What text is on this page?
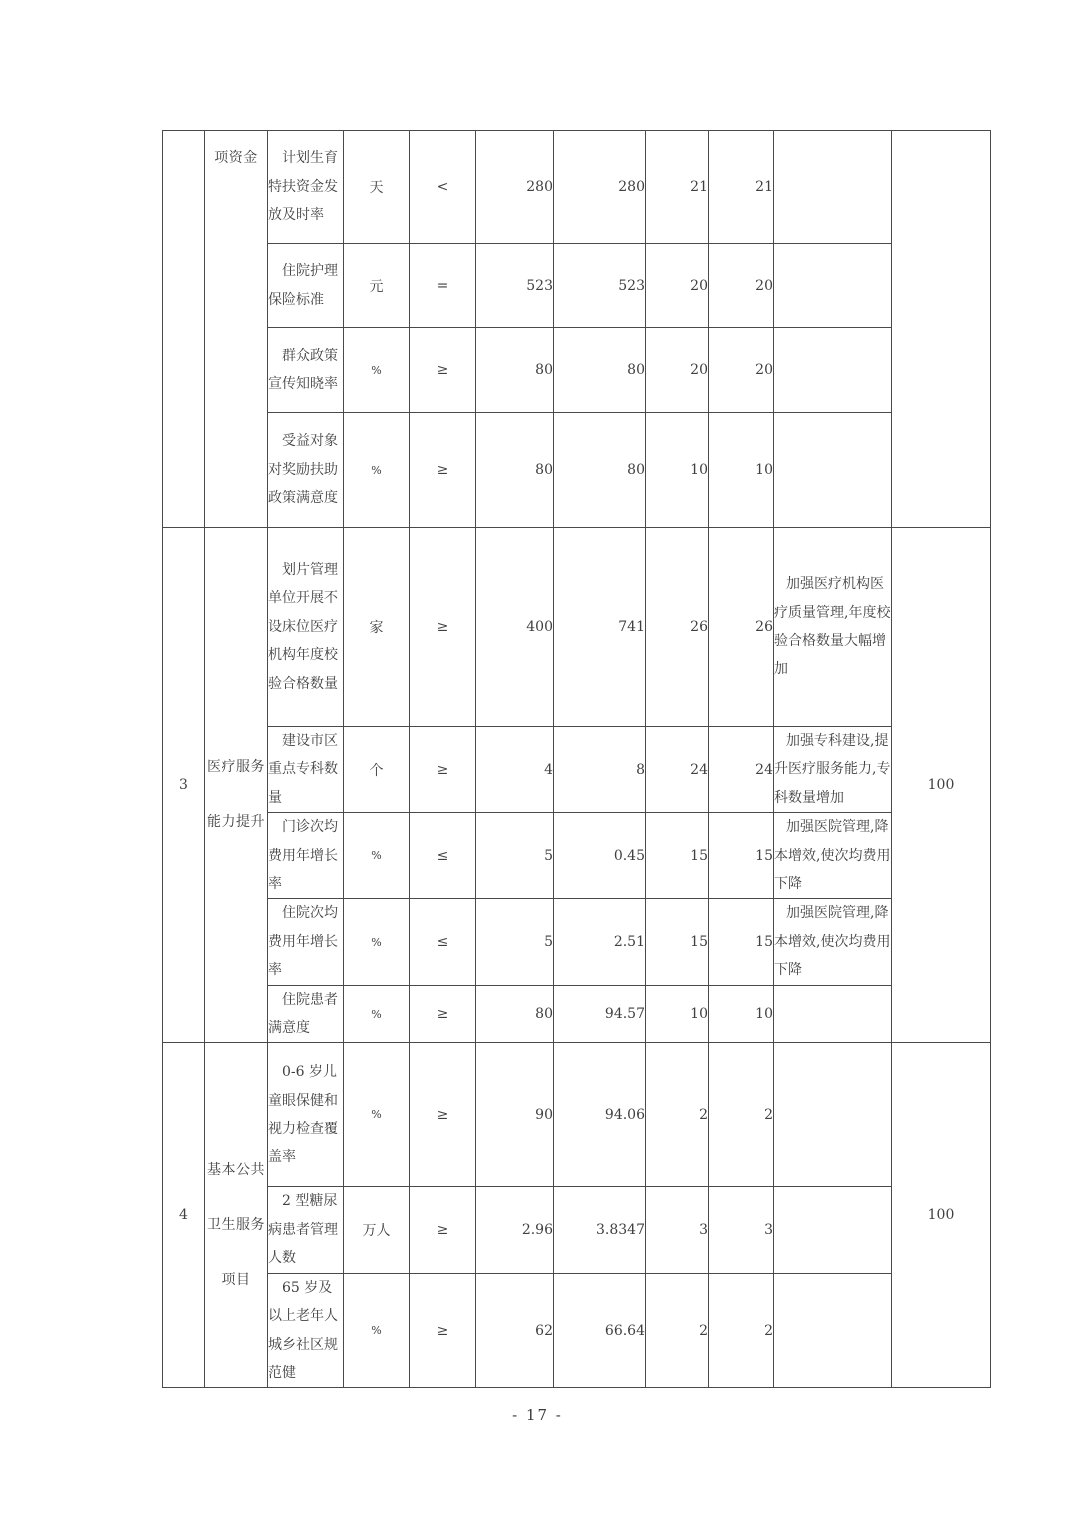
	项资金	计划生育特扶资金发放及时率	天	<	280	280	21	21		
		住院护理保险标准	元	=	523	523	20	20		
		群众政策宣传知晓率	%	≥	80	80	20	20		
		受益对象对奖励扶助政策满意度	%	≥	80	80	10	10		
3	医疗服务能力提升	划片管理单位开展不设床位医疗机构年度校验合格数量	家	≥	400	741	26	26	加强医疗机构医疗质量管理,年度校验合格数量大幅增加	100
		建设市区重点专科数量	个	≥	4	8	24	24	加强专科建设,提升医疗服务能力,专科数量增加	
		门诊次均费用年增长率	%	≤	5	0.45	15	15	加强医院管理,降本增效,使次均费用下降	
		住院次均费用年增长率	%	≤	5	2.51	15	15	加强医院管理,降本增效,使次均费用下降	
		住院患者满意度	%	≥	80	94.57	10	10		
4	基本公共卫生服务项目	0-6 岁儿童眼保健和视力检查覆盖率	%	≥	90	94.06	2	2		100
		2 型糖尿病患者管理人数	万人	≥	2.96	3.8347	3	3		
		65 岁及以上老年人城乡社区规范健	%	≥	62	66.64	2	2		
- 17 -
